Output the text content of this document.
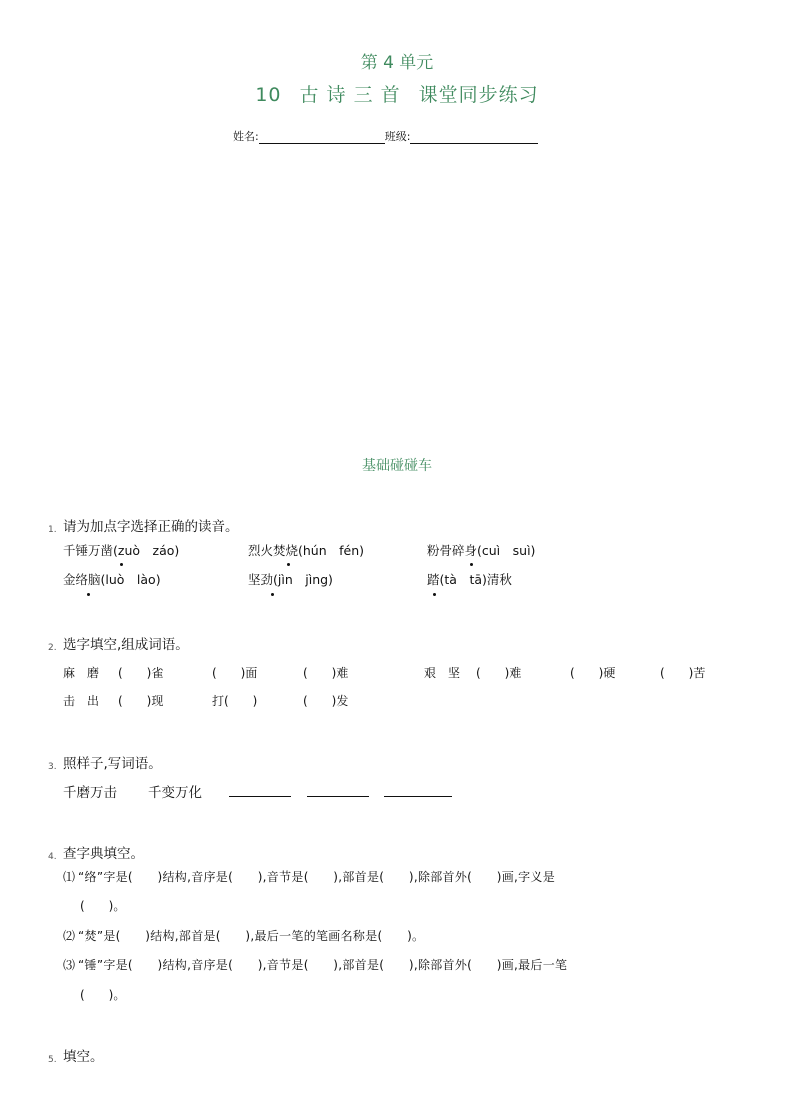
第 4 单元
10 古 诗 三 首 课堂同步练习
姓名:	班级:
基础碰碰车
1. 请为加点字选择正确的读音。
千锤万凿(zuò　záo)	烈火焚烧(hún　fén)	粉骨碎身(cuì　suì)
金络脑(luò　lào)	坚劲(jìn　jìng)	踏(tà　tā)清秋
2. 选字填空,组成词语。
麻　磨 (　　)雀	(　　)面	(　　)难	艰　坚 (　　)难	(　　)硬	(　　)苦
击　出 (　　)现	打(　　)	(　　)发
3. 照样子,写词语。
千磨万击 千变万化
4. 查字典填空。
⑴ “络”字是(　　)结构,音序是(　　),音节是(　　),部首是(　　),除部首外(　　)画,字义是
(　　)。
⑵ “焚”是(　　)结构,部首是(　　),最后一笔的笔画名称是(　　)。
⑶ “锤”字是(　　)结构,音序是(　　),音节是(　　),部首是(　　),除部首外(　　)画,最后一笔
(　　)。
5. 填空。
